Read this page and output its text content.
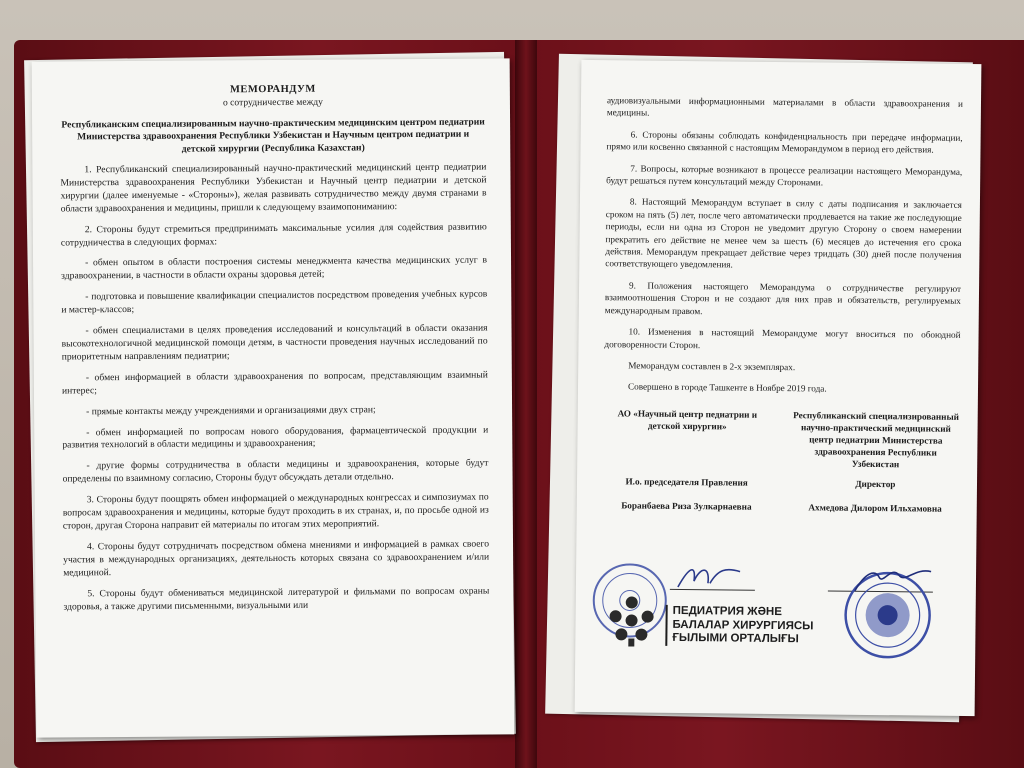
МЕМОРАНДУМ
о сотрудничестве между
Республиканским специализированным научно-практическим медицинским центром педиатрии Министерства здравоохранения Республики Узбекистан и Научным центром педиатрии и детской хирургии (Республика Казахстан)

1. Республиканский специализированный научно-практический медицинский центр педиатрии Министерства здравоохранения Республики Узбекистан и Научный центр педиатрии и детской хирургии (далее именуемые - «Стороны»), желая развивать сотрудничество между двумя странами в области здравоохранения и медицины, пришли к следующему взаимопониманию:

2. Стороны будут стремиться предпринимать максимальные усилия для содействия развитию сотрудничества в следующих формах:

- обмен опытом в области построения системы менеджмента качества медицинских услуг в здравоохранении, в частности в области охраны здоровья детей;

- подготовка и повышение квалификации специалистов посредством проведения учебных курсов и мастер-классов;

- обмен специалистами в целях проведения исследований и консультаций в области оказания высокотехнологичной медицинской помощи детям, в частности проведения научных исследований по приоритетным направлениям педиатрии;

- обмен информацией в области здравоохранения по вопросам, представляющим взаимный интерес;

- прямые контакты между учреждениями и организациями двух стран;

- обмен информацией по вопросам нового оборудования, фармацевтической продукции и развития технологий в области медицины и здравоохранения;

- другие формы сотрудничества в области медицины и здравоохранения, которые будут определены по взаимному согласию, Стороны будут обсуждать детали отдельно.

3. Стороны будут поощрять обмен информацией о международных конгрессах и симпозиумах по вопросам здравоохранения и медицины, которые будут проходить в их странах, и, по просьбе одной из сторон, другая Сторона направит ей материалы по итогам этих мероприятий.

4. Стороны будут сотрудничать посредством обмена мнениями и информацией в рамках своего участия в международных организациях, деятельность которых связана со здравоохранением и/или медициной.

5. Стороны будут обмениваться медицинской литературой и фильмами по вопросам охраны здоровья, а также другими письменными, визуальными или

аудиовизуальными информационными материалами в области здравоохранения и медицины.

6. Стороны обязаны соблюдать конфиденциальность при передаче информации, прямо или косвенно связанной с настоящим Меморандумом в период его действия.

7. Вопросы, которые возникают в процессе реализации настоящего Меморандума, будут решаться путем консультаций между Сторонами.

8. Настоящий Меморандум вступает в силу с даты подписания и заключается сроком на пять (5) лет, после чего автоматически продлевается на такие же последующие периоды, если ни одна из Сторон не уведомит другую Сторону о своем намерении прекратить его действие не менее чем за шесть (6) месяцев до истечения его срока действия. Меморандум прекращает действие через тридцать (30) дней после получения соответствующего уведомления.

9. Положения настоящего Меморандума о сотрудничестве регулируют взаимоотношения Сторон и не создают для них прав и обязательств, регулируемых международным правом.

10. Изменения в настоящий Меморандуме могут вноситься по обоюдной договоренности Сторон.

Меморандум составлен в 2-х экземплярах.

Совершено в городе Ташкенте в Ноябре 2019 года.

АО «Научный центр педиатрии и детской хирургии»
И.о. председателя Правления
Боранбаева Риза Зулкарнаевна
Республиканский специализированный научно-практический медицинский центр педиатрии Министерства здравоохранения Республики Узбекистан
Директор
Ахмедова Дилором Ильхамовна
ПЕДИАТРИЯ ЖӘНЕ
БАЛАЛАР ХИРУРГИЯСЫ
ҒЫЛЫМИ ОРТАЛЫҒЫ
